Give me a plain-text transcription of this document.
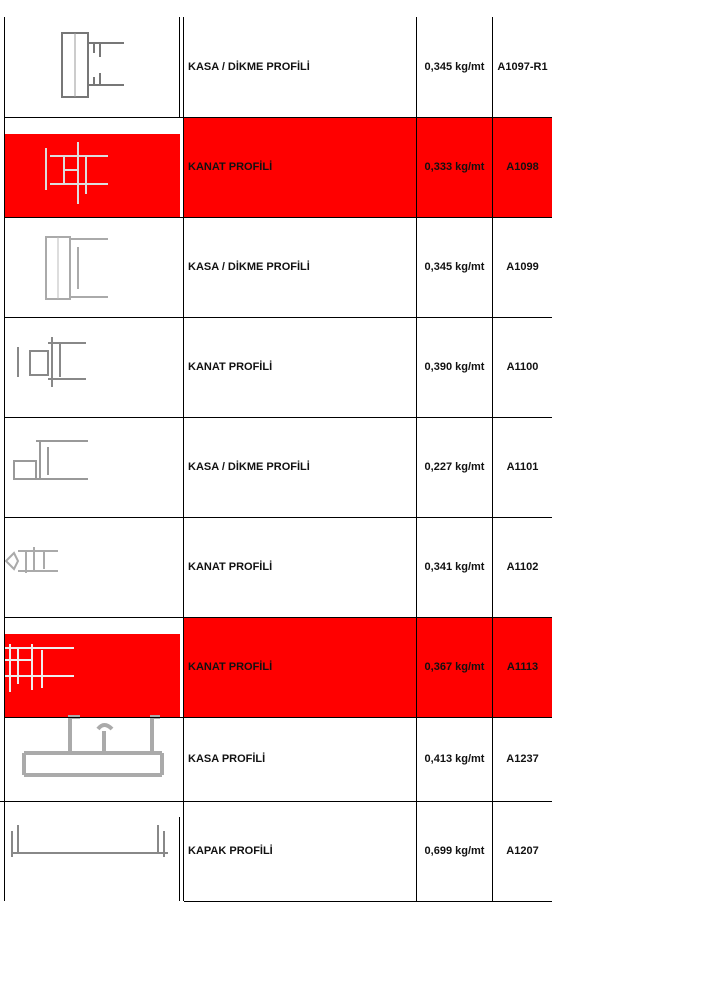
KASA / DİKME PROFİLİ	0,345 kg/mt	A1097-R1
KANAT PROFİLİ	0,333 kg/mt	A1098
KASA / DİKME PROFİLİ	0,345 kg/mt	A1099
KANAT PROFİLİ	0,390 kg/mt	A1100
KASA / DİKME PROFİLİ	0,227 kg/mt	A1101
KANAT PROFİLİ	0,341 kg/mt	A1102
KANAT PROFİLİ	0,367 kg/mt	A1113
KASA PROFİLİ	0,413 kg/mt	A1237
KAPAK PROFİLİ	0,699 kg/mt	A1207
